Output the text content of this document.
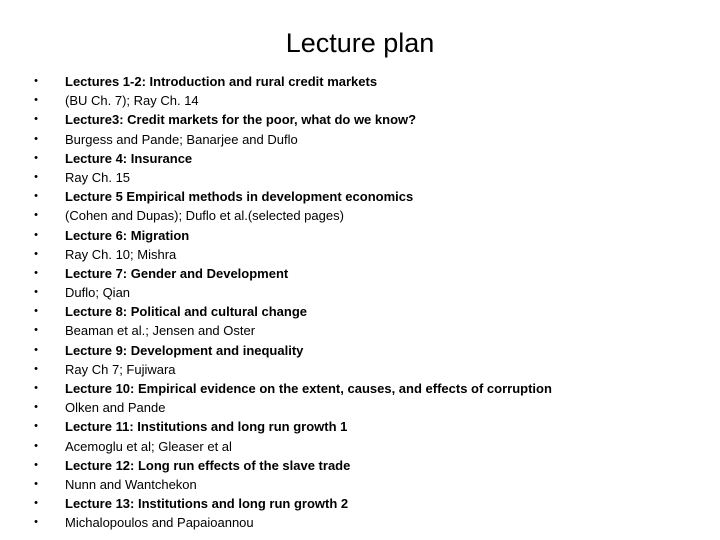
Lecture plan
•	Lectures 1-2: Introduction and rural credit markets
•	(BU Ch. 7); Ray Ch. 14
•	Lecture3: Credit markets for the poor, what do we know?
•	Burgess and Pande; Banarjee and Duflo
•	Lecture 4: Insurance
•	Ray Ch. 15
•	Lecture 5 Empirical methods in development economics
•	(Cohen and Dupas); Duflo et al.(selected pages)
•	Lecture 6: Migration
•	Ray Ch. 10; Mishra
•	Lecture 7: Gender and Development
•	Duflo; Qian
•	Lecture 8: Political and cultural change
•	Beaman et al.; Jensen and Oster
•	Lecture 9: Development and inequality
•	Ray Ch 7; Fujiwara
•	Lecture 10: Empirical evidence on the extent, causes, and effects of corruption
•	Olken and Pande
•	Lecture 11: Institutions and long run growth 1
•	Acemoglu et al; Gleaser et al
•	Lecture 12: Long run effects of the slave trade
•	Nunn and Wantchekon
•	Lecture 13: Institutions and long run growth 2
•	Michalopoulos and Papaioannou
